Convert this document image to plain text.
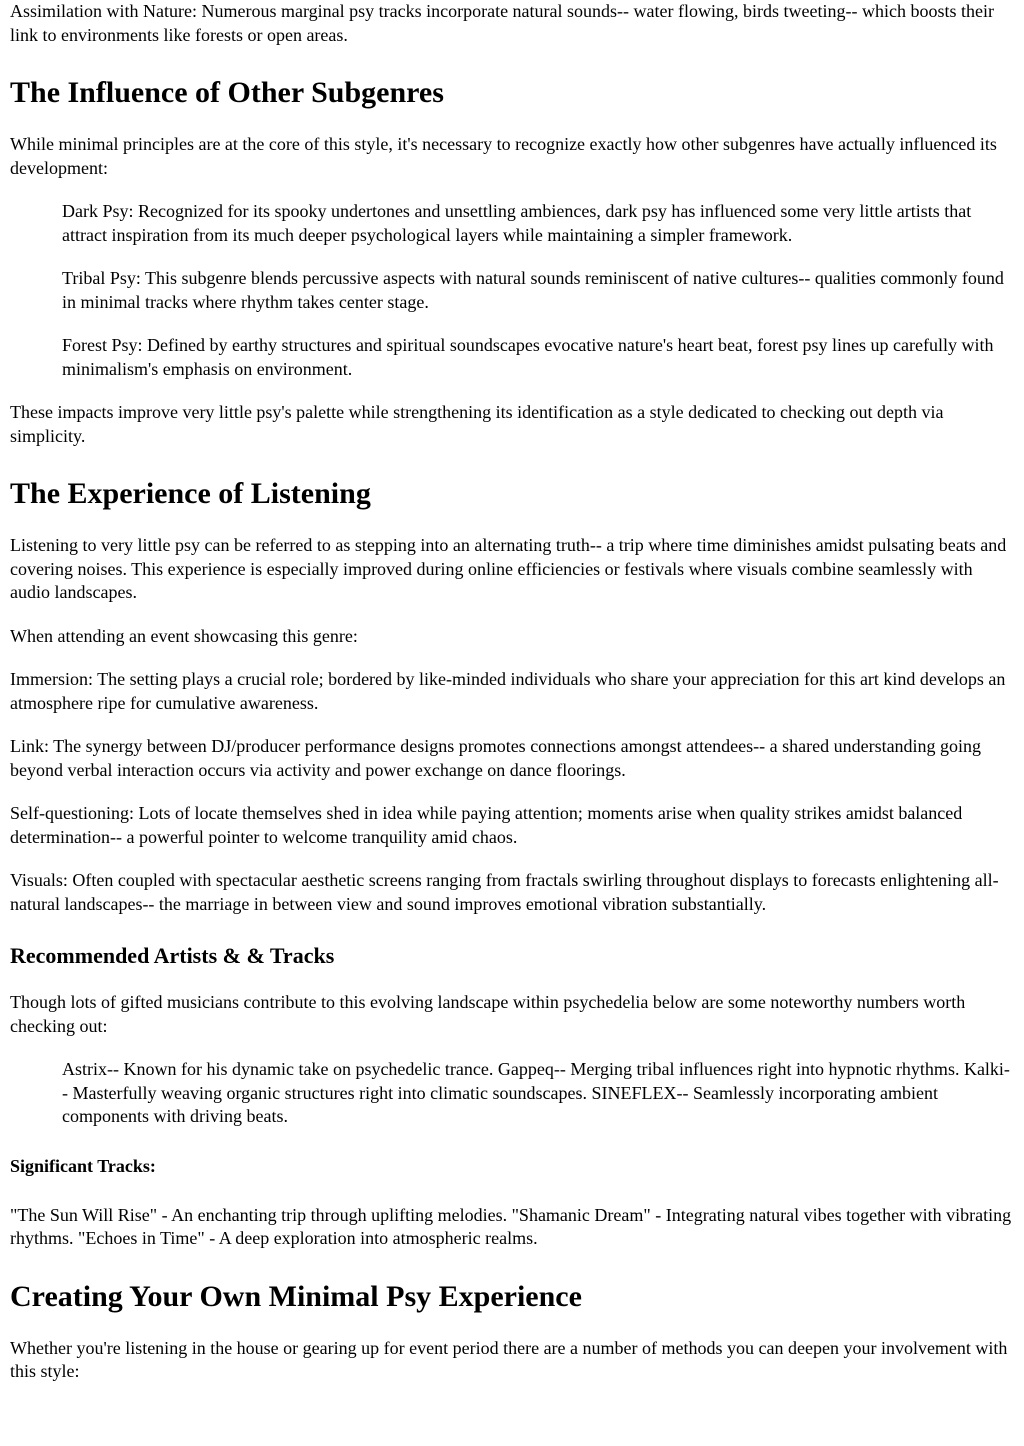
Assimilation with Nature: Numerous marginal psy tracks incorporate natural sounds-- water flowing, birds tweeting-- which boosts their link to environments like forests or open areas.

The Influence of Other Subgenres

While minimal principles are at the core of this style, it's necessary to recognize exactly how other subgenres have actually influenced its development:

Dark Psy: Recognized for its spooky undertones and unsettling ambiences, dark psy has influenced some very little artists that attract inspiration from its much deeper psychological layers while maintaining a simpler framework.

Tribal Psy: This subgenre blends percussive aspects with natural sounds reminiscent of native cultures-- qualities commonly found in minimal tracks where rhythm takes center stage.

Forest Psy: Defined by earthy structures and spiritual soundscapes evocative nature's heart beat, forest psy lines up carefully with minimalism's emphasis on environment.

These impacts improve very little psy's palette while strengthening its identification as a style dedicated to checking out depth via simplicity.

The Experience of Listening

Listening to very little psy can be referred to as stepping into an alternating truth-- a trip where time diminishes amidst pulsating beats and covering noises. This experience is especially improved during online efficiencies or festivals where visuals combine seamlessly with audio landscapes.

When attending an event showcasing this genre:

Immersion: The setting plays a crucial role; bordered by like-minded individuals who share your appreciation for this art kind develops an atmosphere ripe for cumulative awareness.

Link: The synergy between DJ/producer performance designs promotes connections amongst attendees-- a shared understanding going beyond verbal interaction occurs via activity and power exchange on dance floorings.

Self-questioning: Lots of locate themselves shed in idea while paying attention; moments arise when quality strikes amidst balanced determination-- a powerful pointer to welcome tranquility amid chaos.

Visuals: Often coupled with spectacular aesthetic screens ranging from fractals swirling throughout displays to forecasts enlightening all-natural landscapes-- the marriage in between view and sound improves emotional vibration substantially.

Recommended Artists & & Tracks

Though lots of gifted musicians contribute to this evolving landscape within psychedelia below are some noteworthy numbers worth checking out:

Astrix-- Known for his dynamic take on psychedelic trance. Gappeq-- Merging tribal influences right into hypnotic rhythms. Kalki-- Masterfully weaving organic structures right into climatic soundscapes. SINEFLEX-- Seamlessly incorporating ambient components with driving beats.

Significant Tracks:

"The Sun Will Rise" - An enchanting trip through uplifting melodies. "Shamanic Dream" - Integrating natural vibes together with vibrating rhythms. "Echoes in Time" - A deep exploration into atmospheric realms.

Creating Your Own Minimal Psy Experience

Whether you're listening in the house or gearing up for event period there are a number of methods you can deepen your involvement with this style:
